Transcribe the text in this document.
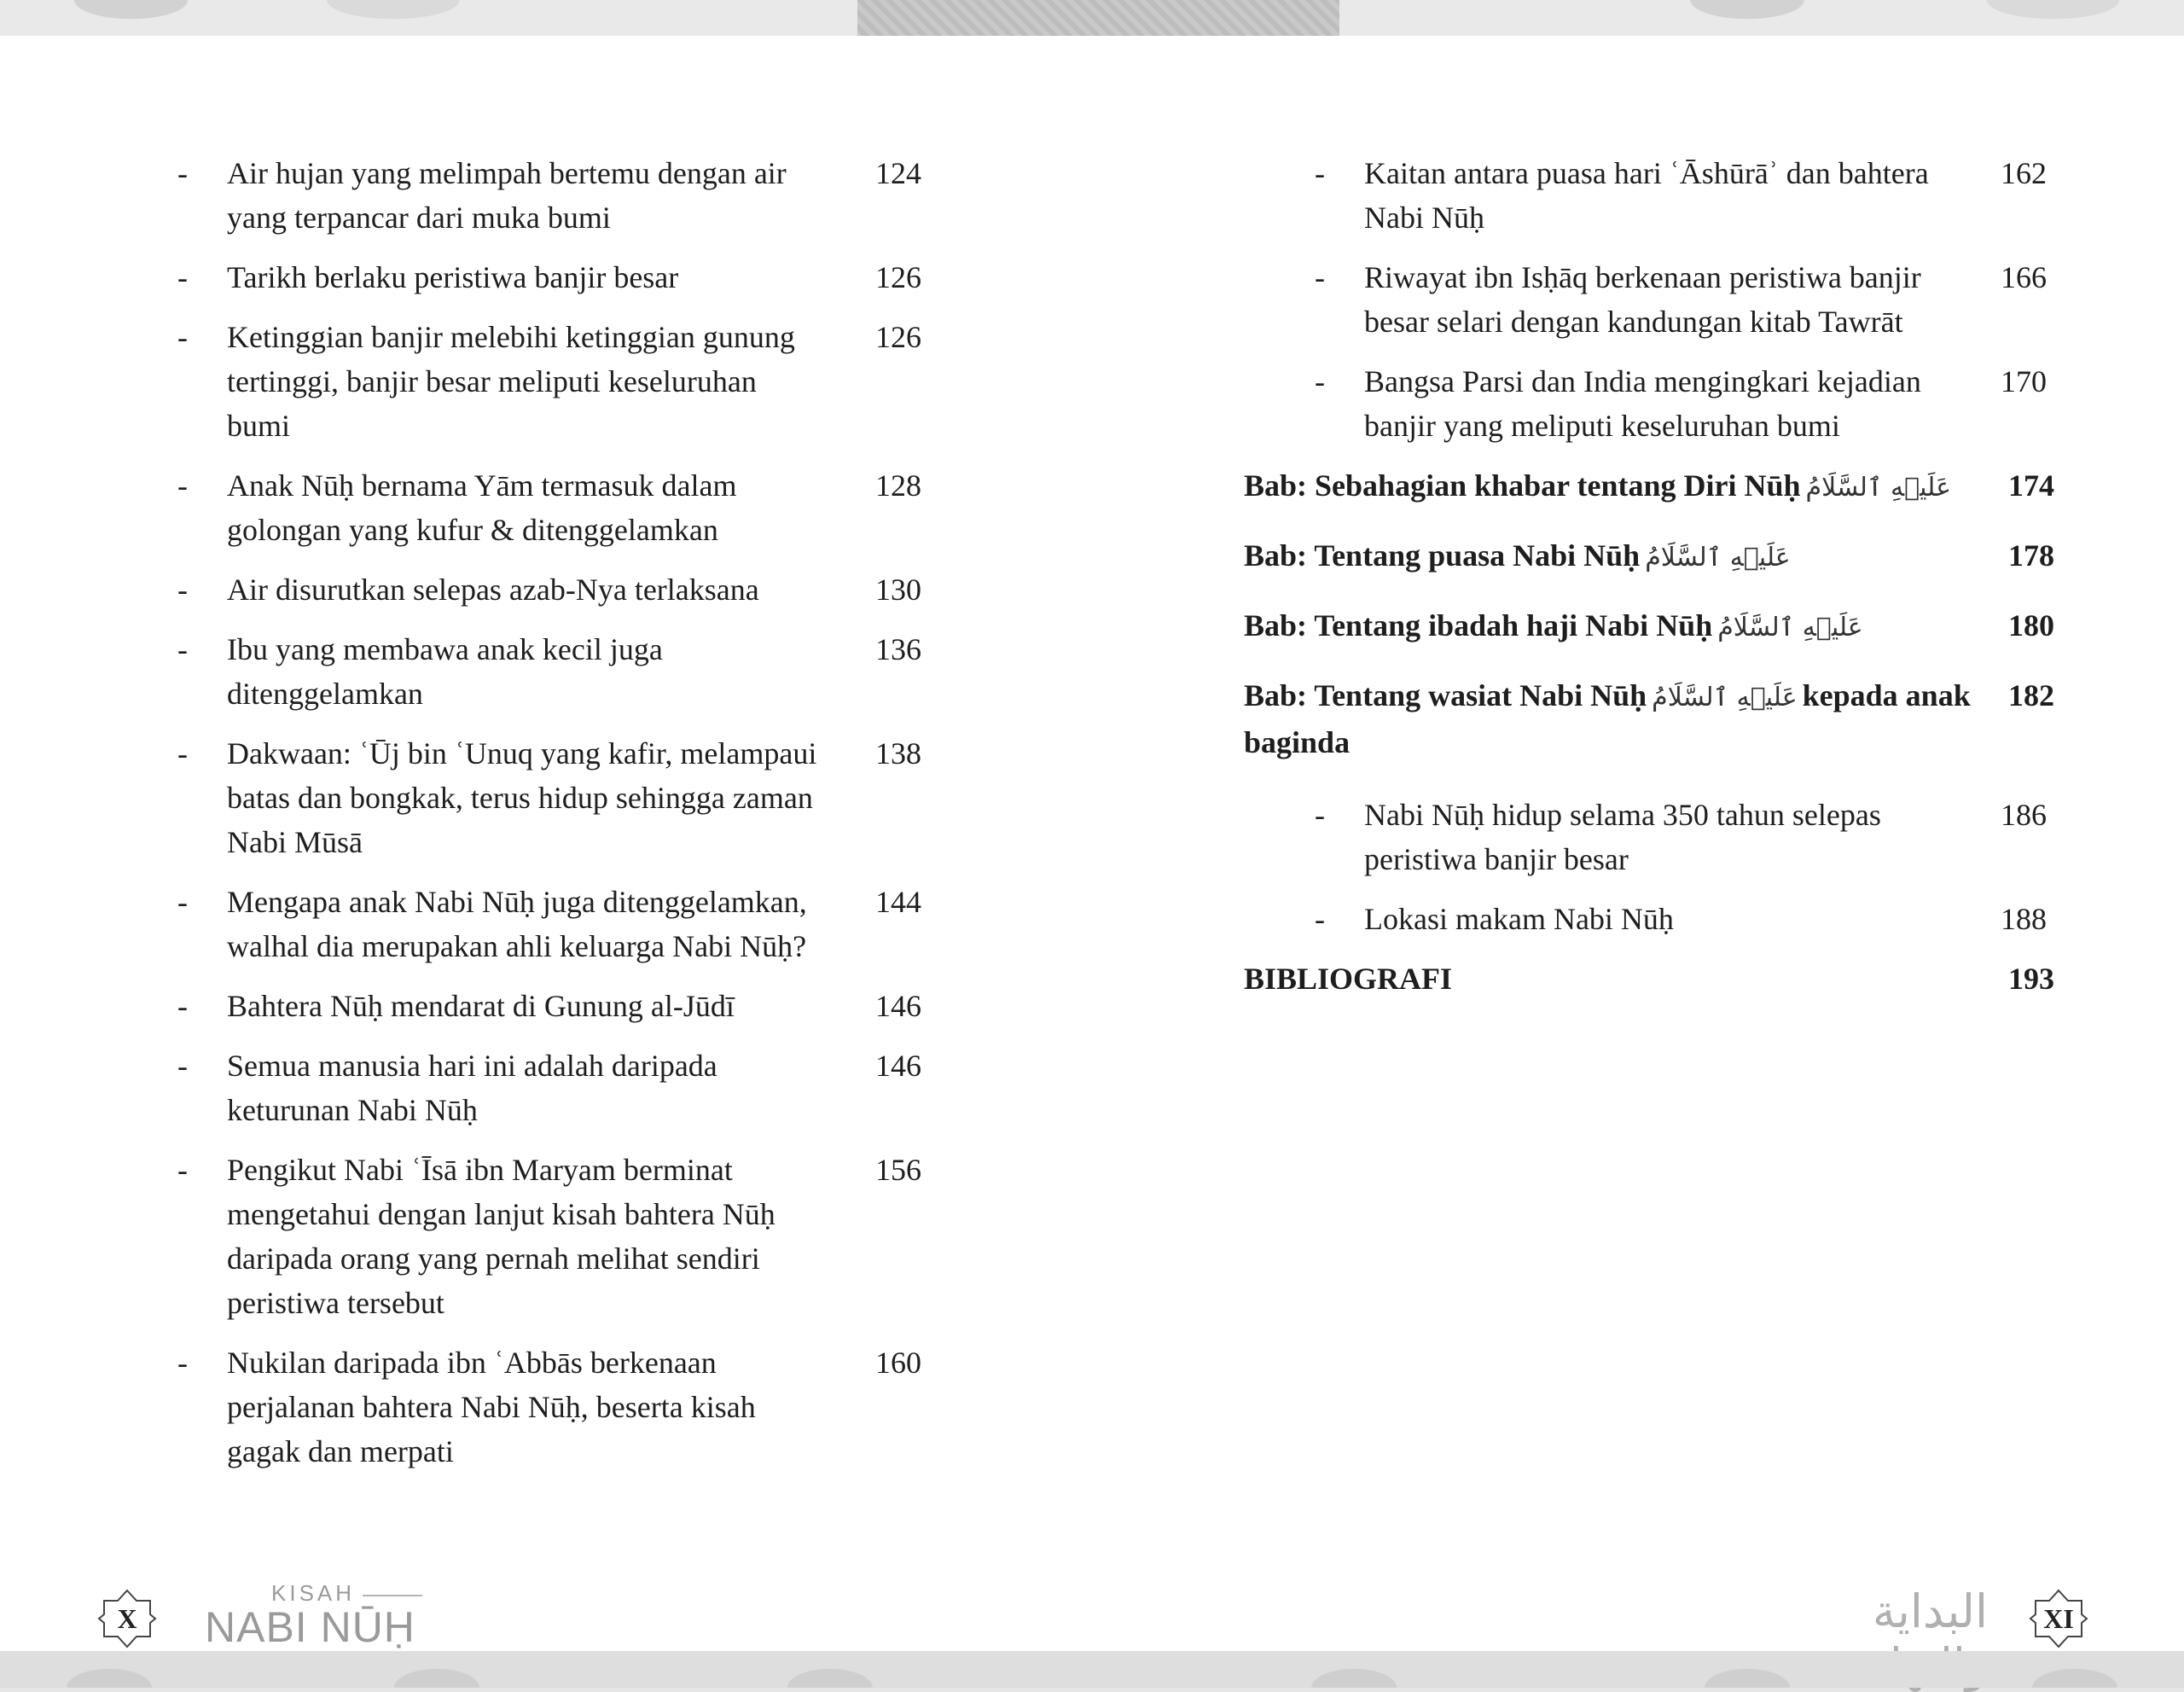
-	Air hujan yang melimpah bertemu dengan air yang terpancar dari muka bumi
124
-	Tarikh berlaku peristiwa banjir besar	126
-	Ketinggian banjir melebihi ketinggian gunung tertinggi, banjir besar meliputi keseluruhan bumi
126
-	Anak Nūḥ bernama Yām termasuk dalam golongan yang kufur & ditenggelamkan
128
-	Air disurutkan selepas azab-Nya terlaksana	130
-	Ibu yang membawa anak kecil juga ditenggelamkan
136
-	Dakwaan: ʿŪj bin ʿUnuq yang kafir, melampaui batas dan bongkak, terus hidup sehingga zaman Nabi Mūsā
138
-	Mengapa anak Nabi Nūḥ juga ditenggelamkan, walhal dia merupakan ahli keluarga Nabi Nūḥ?
144
-	Bahtera Nūḥ mendarat di Gunung al-Jūdī	146
-	Semua manusia hari ini adalah daripada keturunan Nabi Nūḥ
146
-	Pengikut Nabi ʿĪsā ibn Maryam berminat mengetahui dengan lanjut kisah bahtera Nūḥ daripada orang yang pernah melihat sendiri peristiwa tersebut
156
-	Nukilan daripada ibn ʿAbbās berkenaan perjalanan bahtera Nabi Nūḥ, beserta kisah gagak dan merpati
160
-	Kaitan antara puasa hari ʿĀshūrāʾ dan bahtera Nabi Nūḥ
162
-	Riwayat ibn Isḥāq berkenaan peristiwa banjir besar selari dengan kandungan kitab Tawrāt
166
-	Bangsa Parsi dan India mengingkari kejadian banjir yang meliputi keseluruhan bumi
170
Bab: Sebahagian khabar tentang Diri Nūḥ عَلَيۡهِ ٱلسَّلَامُ	174
Bab: Tentang puasa Nabi Nūḥ عَلَيۡهِ ٱلسَّلَامُ	178
Bab: Tentang ibadah haji Nabi Nūḥ عَلَيۡهِ ٱلسَّلَامُ	180
Bab: Tentang wasiat Nabi Nūḥ عَلَيۡهِ ٱلسَّلَامُ kepada anak baginda
182
-	Nabi Nūḥ hidup selama 350 tahun selepas peristiwa banjir besar
186
-	Lokasi makam Nabi Nūḥ	188
BIBLIOGRAFI	193
X
KISAH
NABI NŪḤ	البداية XI
